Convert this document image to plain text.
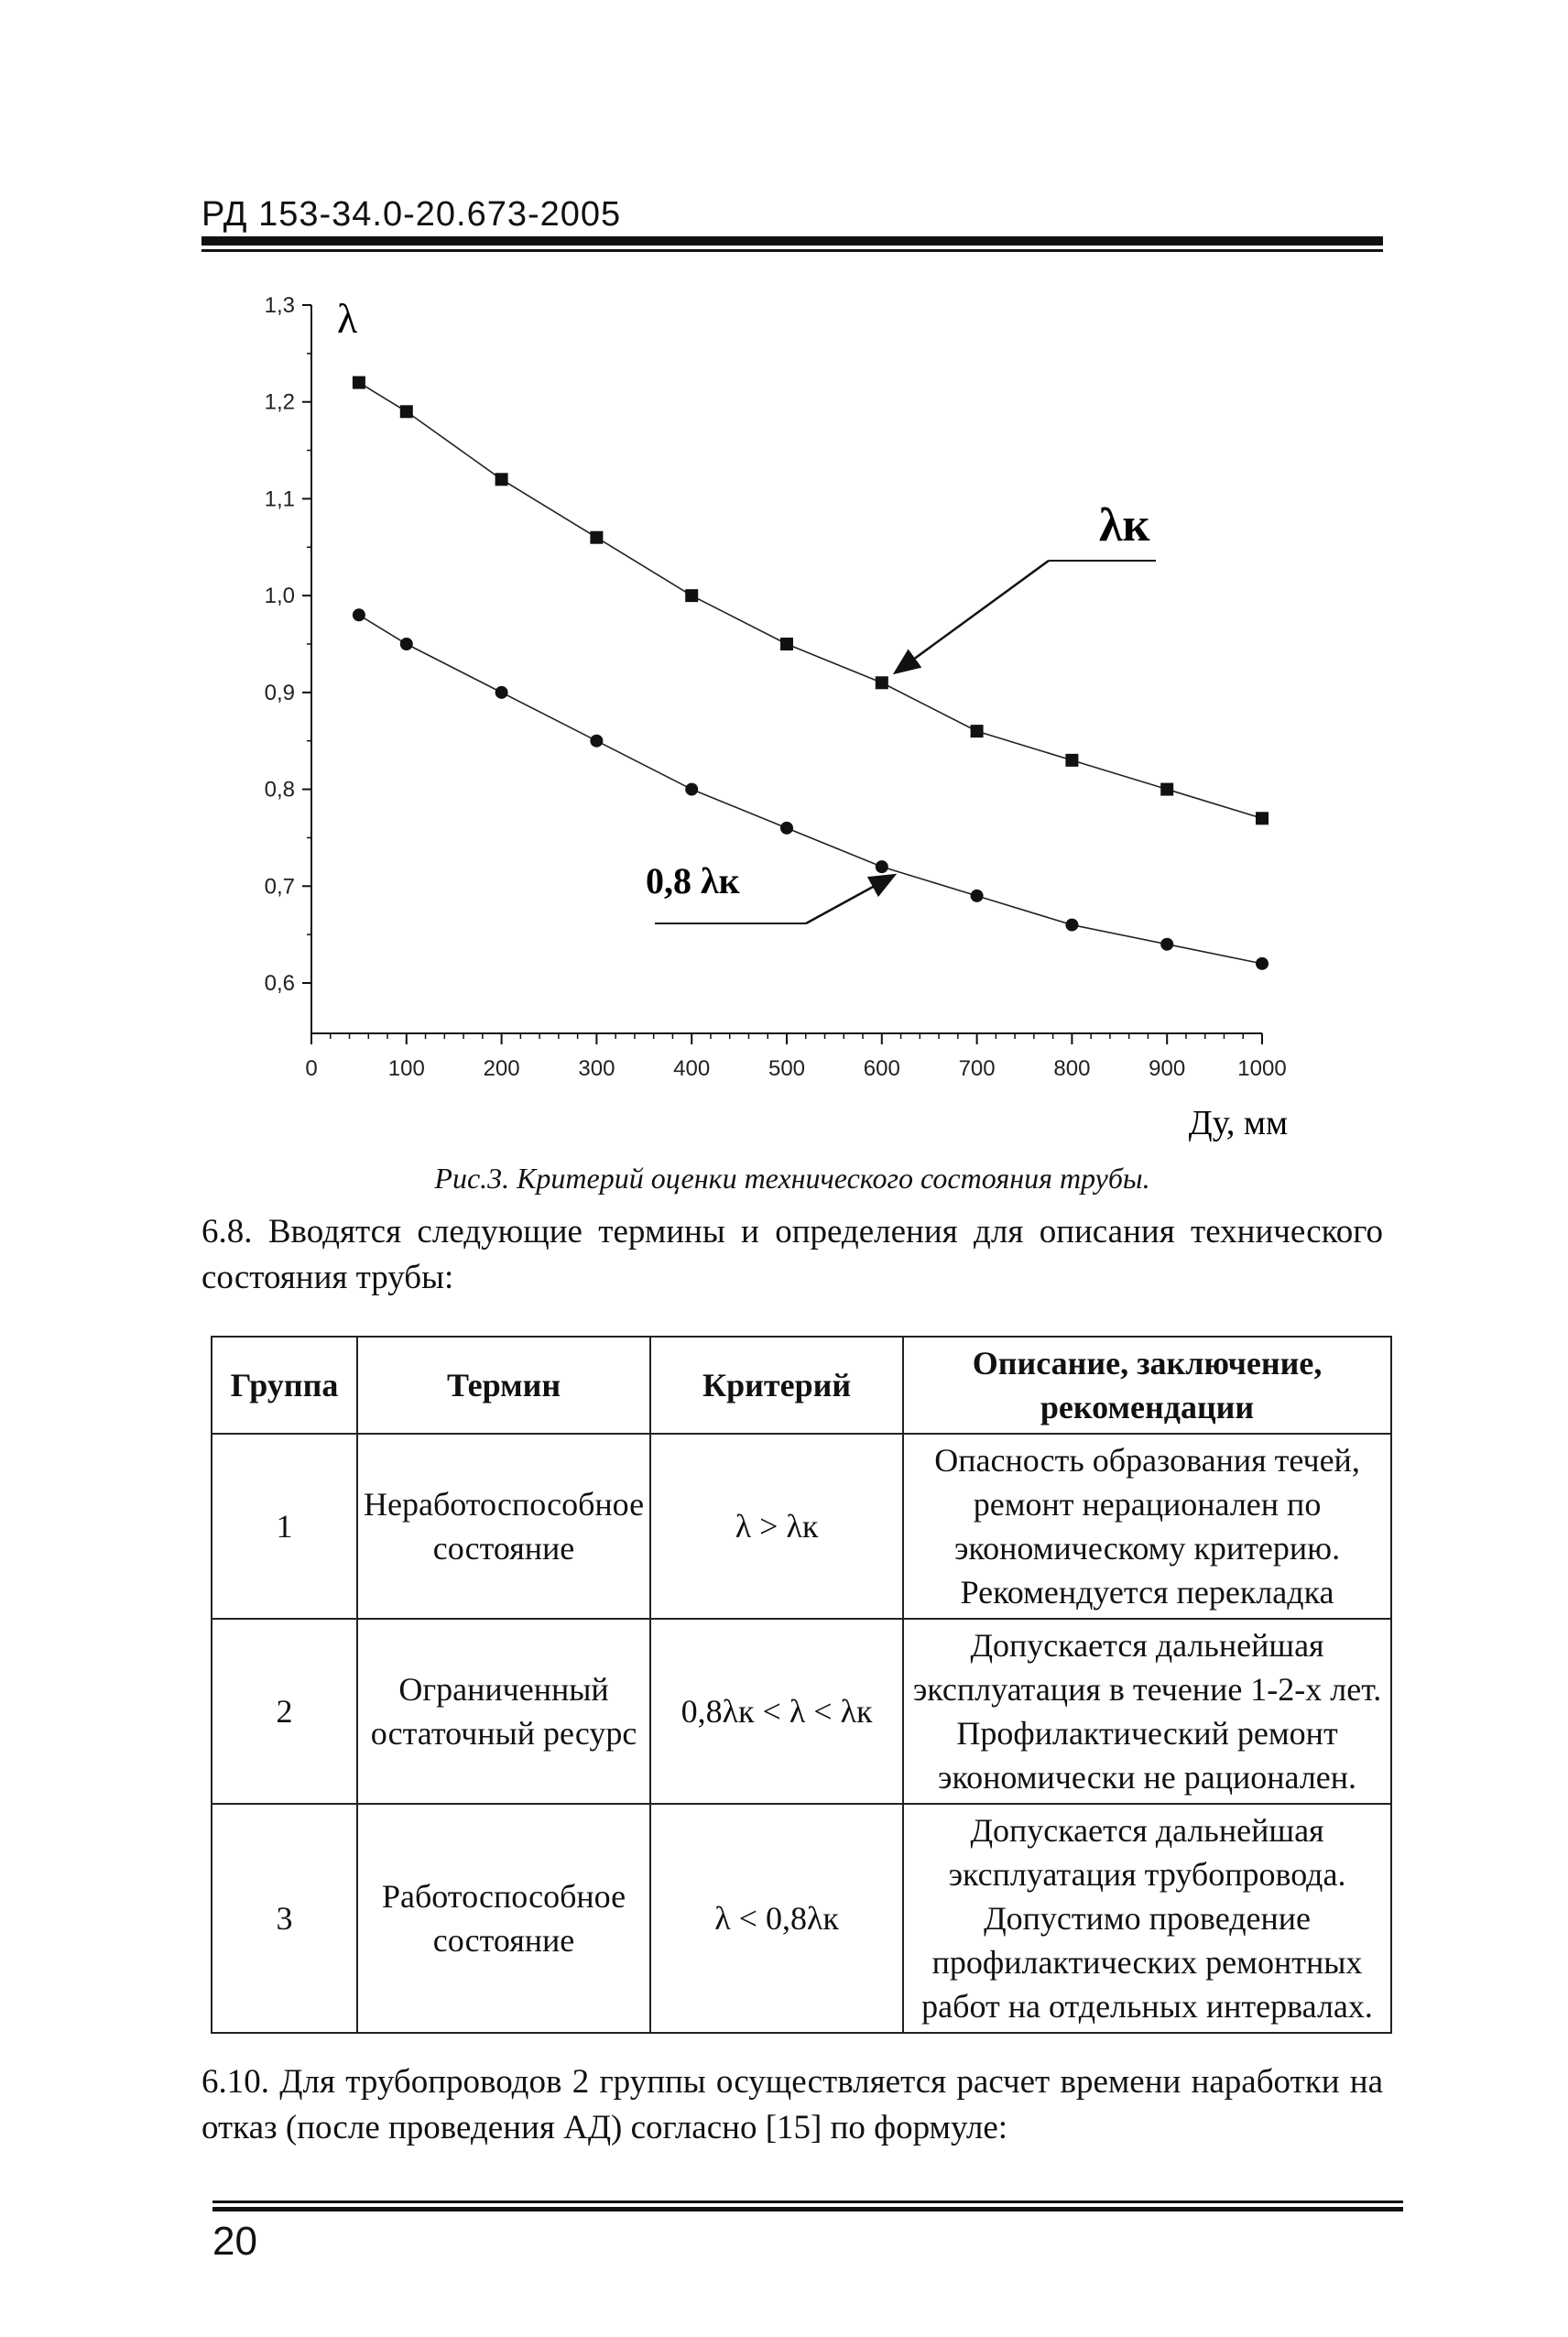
РД 153-34.0-20.673-2005
0,6
0,7
0,8
0,9
1,0
1,1
1,2
1,3
0	100	200	300	400	500	600	700	800	900 1000
λ
Ду, мм
λк
0,8 λк
Рис.3. Критерий оценки технического состояния трубы.
6.8. Вводятся следующие термины и определения для описания технического состояния трубы:
Группа	Термин	Критерий	Описание, заключение, рекомендации
1	Неработоспособное состояние	λ > λк	Опасность образования течей, ремонт нерационален по экономическому критерию. Рекомендуется перекладка
2	Ограниченный остаточный ресурс	0,8λк < λ < λк	Допускается дальнейшая эксплуатация в течение 1-2-х лет. Профилактический ремонт экономически не рационален.
3	Работоспособное состояние	λ < 0,8λк	Допускается дальнейшая эксплуатация трубопровода. Допустимо проведение профилактических ремонтных работ на отдельных интервалах.
6.10. Для трубопроводов 2 группы осуществляется расчет времени наработки на отказ (после проведения АД) согласно [15] по формуле:
20
